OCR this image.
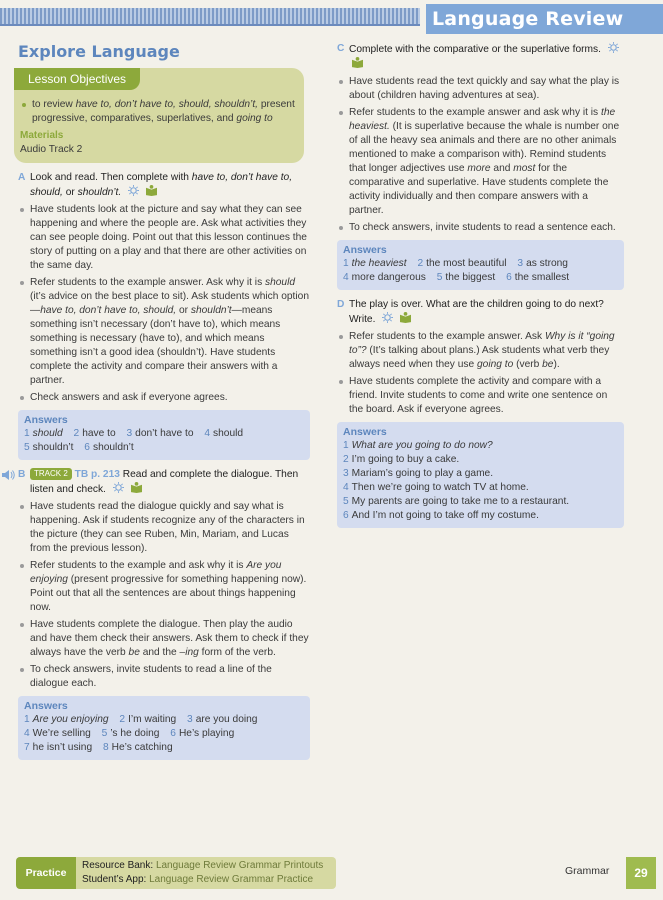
Language Review
Explore Language
Lesson Objectives
to review have to, don’t have to, should, shouldn’t, present progressive, comparatives, superlatives, and going to
Materials
Audio Track 2
A Look and read. Then complete with have to, don’t have to, should, or shouldn’t.
Have students look at the picture and say what they can see happening and where the people are. Ask what activities they can see people doing. Point out that this lesson continues the story of putting on a play and that there are other activities on the same day.
Refer students to the example answer. Ask why it is should (it’s advice on the best place to sit). Ask students which option—have to, don’t have to, should, or shouldn’t—means something isn’t necessary (don’t have to), which means something is necessary (have to), and which means something isn’t a good idea (shouldn’t). Have students complete the activity and compare their answers with a partner.
Check answers and ask if everyone agrees.
Answers
1 should 2 have to 3 don’t have to 4 should
5 shouldn’t 6 shouldn’t
B TRACK 2 TB p. 213 Read and complete the dialogue. Then listen and check.
Have students read the dialogue quickly and say what is happening. Ask if students recognize any of the characters in the picture (they can see Ruben, Min, Mariam, and Lucas from the previous lesson).
Refer students to the example and ask why it is Are you enjoying (present progressive for something happening now). Point out that all the sentences are about things happening now.
Have students complete the dialogue. Then play the audio and have them check their answers. Ask them to check if they always have the verb be and the –ing form of the verb.
To check answers, invite students to read a line of the dialogue each.
Answers
1 Are you enjoying 2 I’m waiting 3 are you doing
4 We’re selling 5 ’s he doing 6 He’s playing
7 he isn’t using 8 He’s catching
C Complete with the comparative or the superlative forms.
Have students read the text quickly and say what the play is about (children having adventures at sea).
Refer students to the example answer and ask why it is the heaviest. (It is superlative because the whale is number one of all the heavy sea animals and there are no other animals mentioned to make a comparison with). Remind students that longer adjectives use more and most for the comparative and superlative. Have students complete the activity individually and then compare answers with a partner.
To check answers, invite students to read a sentence each.
Answers
1 the heaviest 2 the most beautiful 3 as strong
4 more dangerous 5 the biggest 6 the smallest
D The play is over. What are the children going to do next? Write.
Refer students to the example answer. Ask Why is it “going to”? (It’s talking about plans.) Ask students what verb they always need when they use going to (verb be).
Have students complete the activity and compare with a friend. Invite students to come and write one sentence on the board. Ask if everyone agrees.
Answers
1 What are you going to do now?
2 I’m going to buy a cake.
3 Mariam’s going to play a game.
4 Then we’re going to watch TV at home.
5 My parents are going to take me to a restaurant.
6 And I’m not going to take off my costume.
Practice
Resource Bank: Language Review Grammar Printouts
Student’s App: Language Review Grammar Practice
Grammar	29
